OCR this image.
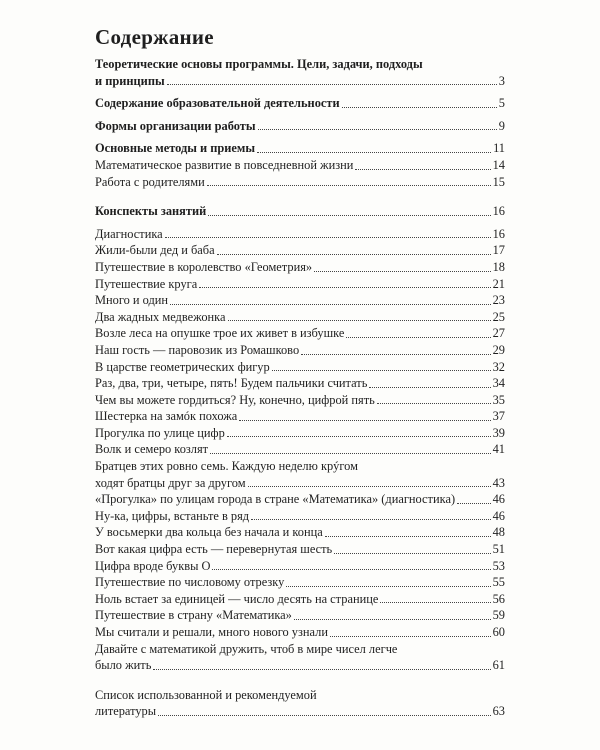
Содержание
Теоретические основы программы. Цели, задачи, подходы
и принципы	3
Содержание образовательной деятельности	5
Формы организации работы	9
Основные методы и приемы	11
Математическое развитие в повседневной жизни	14
Работа с родителями	15
Конспекты занятий	16
Диагностика	16
Жили-были дед и баба	17
Путешествие в королевство «Геометрия»	18
Путешествие круга	21
Много и один	23
Два жадных медвежонка	25
Возле леса на опушке трое их живет в избушке	27
Наш гость — паровозик из Ромашково	29
В царстве геометрических фигур	32
Раз, два, три, четыре, пять! Будем пальчики считать	34
Чем вы можете гордиться? Ну, конечно, цифрой пять	35
Шестерка на замóк похожа	37
Прогулка по улице цифр	39
Волк и семеро козлят	41
Братцев этих ровно семь. Каждую неделю крýгом
ходят братцы друг за другом	43
«Прогулка» по улицам города в стране «Математика» (диагностика)	46
Ну-ка, цифры, встаньте в ряд	46
У восьмерки два кольца без начала и конца	48
Вот какая цифра есть — перевернутая шесть	51
Цифра вроде буквы О	53
Путешествие по числовому отрезку	55
Ноль встает за единицей — число десять на странице	56
Путешествие в страну «Математика»	59
Мы считали и решали, много нового узнали	60
Давайте с математикой дружить, чтоб в мире чисел легче
было жить	61
Список использованной и рекомендуемой
литературы	63
